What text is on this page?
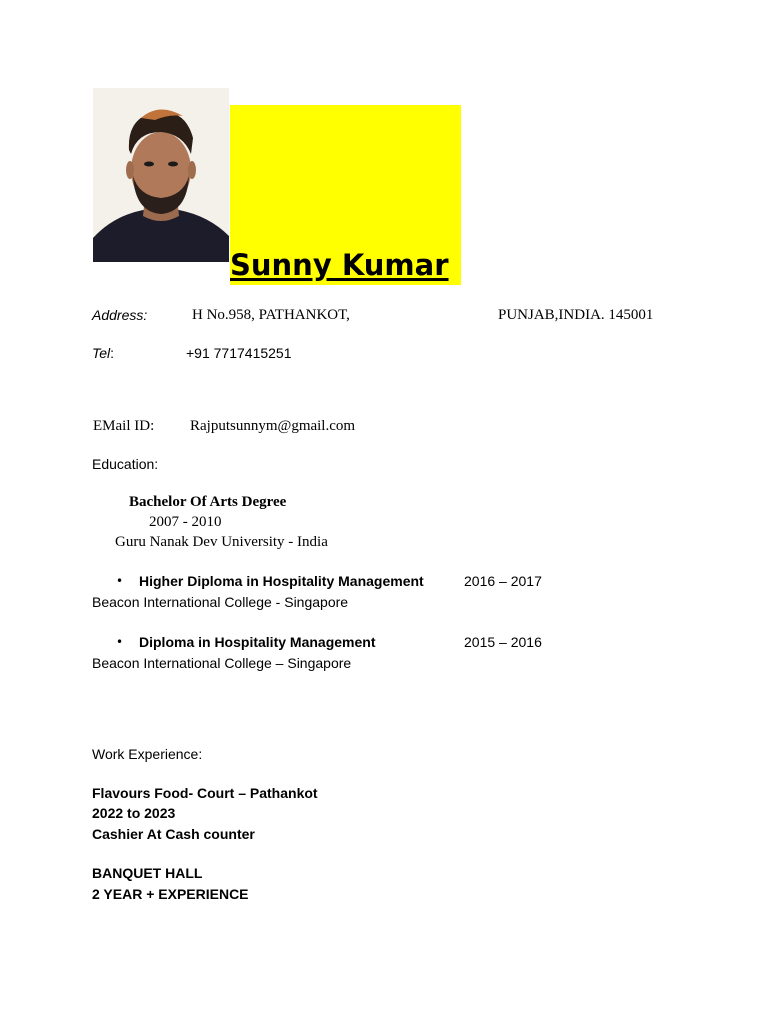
Sunny Kumar
Address:	H No.958, PATHANKOT,	PUNJAB,INDIA. 145001
Tel:	+91 7717415251
EMail ID: Rajputsunnym@gmail.com
Education:
Bachelor Of Arts Degree
2007 - 2010
Guru Nanak Dev University - India
• Higher Diploma in Hospitality Management	2016 – 2017
Beacon International College - Singapore
• Diploma in Hospitality Management	2015 – 2016
Beacon International College – Singapore
Work Experience:
Flavours Food- Court – Pathankot
2022 to 2023
Cashier At Cash counter
BANQUET HALL
2 YEAR + EXPERIENCE
